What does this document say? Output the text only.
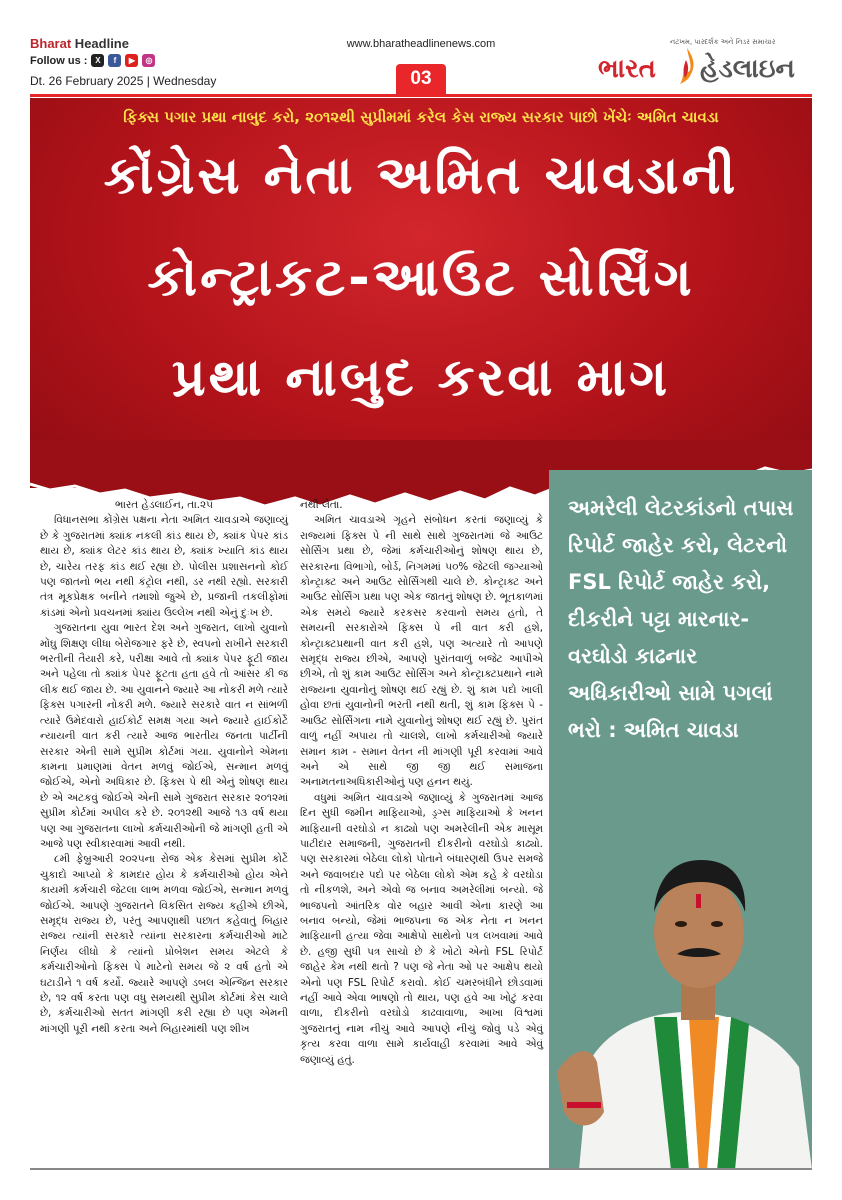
Bharat Headline
Follow us : X	f	▶	◎
Dt. 26 February 2025 | Wednesday
www.bharatheadlinenews.com
03
નટખમ, પારદર્શક અને નિડર સમાચાર
ભારત હેડલાઇન
ફિક્સ પગાર પ્રથા નાબુદ કરો, ૨૦૧૨થી સુપ્રીમમાં કરેલ કેસ રાજ્ય સરકાર પાછો ખેંચેઃ અમિત ચાવડા
કોંગ્રેસ નેતા અમિત ચાવડાની
કોન્ટ્રાકટ-આઉટ સોર્સિંગ
પ્રથા નાબુદ કરવા માગ
ભારત હેડલાઈન, તા.૨૫

વિધાનસભા કોંગ્રેસ પક્ષના નેતા અમિત ચાવડાએ જણાવ્યું છે કે ગુજરાતમાં ક્યાંક નકલી કાંડ થાય છે, ક્યાંક પેપર કાંડ થાય છે, ક્યાંક લેટર કાંડ થાય છે, ક્યાંક ખ્યાતિ કાંડ થાય છે, ચારેય તરફ કાંડ થઈ રહ્યા છે. પોલીસ પ્રશાસનનો કોઈ પણ જાતનો ભય નથી કંટ્રોલ નથી, ડર નથી રહ્યો. સરકારી તંત્ર મૂકપ્રેક્ષક બનીને તમાશો જુએ છે, પ્રજાની તકલીફોમાં કાંડમાં એનો પ્રવચનમાં ક્યાંય ઉલ્લેખ નથી એનું દુઃખ છે.

ગુજરાતના યુવા ભારત દેશ અને ગુજરાત, લાખો યુવાનો મોંઘુ શિક્ષણ લીધા બેરોજગાર ફરે છે, સ્વપનો રાખીને સરકારી ભરતીની તૈયારી કરે, પરીક્ષા આવે તો ક્યાંક પેપર ફૂટી જાય અને પહેલા તો ક્યાંક પેપર ફૂટતા હતા હવે તો આંસર કી જ લીક થઈ જાય છે. આ યુવાનને જ્યારે આ નોકરી મળે ત્યારે ફિક્સ પગારની નોકરી મળે. જ્યારે સરકારે વાત ન સાંભળી ત્યારે ઉમેદવારો હાઈકોર્ટ સમક્ષ ગયા અને જ્યારે હાઈકોર્ટે ન્યાયની વાત કરી ત્યારે આજ ભારતીય જનતા પાર્ટીની સરકાર એની સામે સુપ્રીમ કોર્ટમાં ગયા. યુવાનોને એમના કામના પ્રમાણમાં વેતન મળવું જોઈએ, સન્માન મળવું જોઈએ, એનો અધિકાર છે. ફિક્સ પે થી એનું શોષણ થાય છે એ અટકવું જોઈએ એની સામે ગુજરાત સરકાર ૨૦૧૨માં સુપ્રીમ કોર્ટમાં અપીલ કરે છે. ૨૦૧૨થી આજે ૧૩ વર્ષ થયા પણ આ ગુજરાતના લાખો કર્મચારીઓની જે માંગણી હતી એ આજે પણ સ્વીકારવામાં આવી નથી.

૮મી ફેબ્રુઆરી ૨૦૨૫ના રોજ એક કેસમાં સુપ્રીમ કોર્ટે ચુકાદો આપ્યો કે કામદાર હોય કે કર્મચારીઓ હોય એને કાયમી કર્મચારી જેટલા લાભ મળવા જોઈએ, સન્માન મળવું જોઈએ. આપણે ગુજરાતને વિકસિત રાજ્ય કહીએ છીએ, સમૃદ્ધ રાજ્ય છે, પરંતુ આપણાથી પછાત કહેવાતું બિહાર રાજ્ય ત્યાંની સરકારે ત્યાંના સરકારના કર્મચારીઓ માટે નિર્ણય લીધો કે ત્યાંનો પ્રોબેશન સમય એટલે કે કર્મચારીઓનો ફિક્સ પે માટેનો સમય જે ૨ વર્ષ હતો એ ઘટાડીને ૧ વર્ષ કર્યો. જ્યારે આપણે ડબલ એન્જિન સરકાર છે, ૧૨ વર્ષ કરતા પણ વધુ સમયથી સુપ્રીમ કોર્ટમાં કેસ ચાલે છે, કર્મચારીઓ સતત માંગણી કરી રહ્યા છે પણ એમની માંગણી પૂરી નથી કરતા અને બિહારમાંથી પણ શીખ

નથી લેતા.

અમિત ચાવડાએ ગૃહને સંબોધન કરતાં જણાવ્યું કે રાજ્યમાં ફિક્સ પે ની સાથે સાથે ગુજરાતમાં જે આઉટ સોર્સિંગ પ્રથા છે, જેમાં કર્મચારીઓનું શોષણ થાય છે, સરકારના વિભાગો, બોર્ડ, નિગમમાં ૫૦% જેટલી જગ્યાઓ કોન્ટ્રાક્ટ અને આઉટ સોર્સિંગથી ચાલે છે. કોન્ટ્રાક્ટ અને આઉટ સોર્સિંગ પ્રથા પણ એક જાતનું શોષણ છે. ભૂતકાળમાં એક સમયે જ્યારે કરકસર કરવાનો સમય હતો, તે સમયની સરકારોએ ફિક્સ પે ની વાત કરી હશે, કોન્ટ્રાક્ટપ્રથાની વાત કરી હશે, પણ અત્યારે તો આપણે સમૃદ્ધ રાજ્ય છીએ, આપણે પુરાંતવાળું બજેટ આપીએ છીએ, તો શું કામ આઉટ સોર્સિંગ અને કોન્ટ્રાક્ટપ્રથાને નામે રાજ્યના યુવાનોનું શોષણ થઈ રહ્યું છે. શું કામ પદો ખાલી હોવા છતાં યુવાનોની ભરતી નથી થતી, શું કામ ફિક્સ પે - આઉટ સોર્સિંગના નામે યુવાનોનું શોષણ થઈ રહ્યું છે. પુરાંત વાળું નહીં અપાય તો ચાલશે, લાખો કર્મચારીઓ જ્યારે સમાન કામ - સમાન વેતન ની માંગણી પૂરી કરવામાં આવે અને એ સાથે જી જી થઈ સમાજના અનામતનાઅધિકારીઓનું પણ હનન થયું.

વધુમાં અમિત ચાવડાએ જણાવ્યું કે ગુજરાતમાં આજ દિન સુધી જમીન માફિયાઓ, ડ્રગ્સ માફિયાઓ કે ખનન માફિયાની વરઘોડો ન કાઢ્યો પણ અમરેલીની એક માસૂમ પાટીદાર સમાજની, ગુજરાતની દીકરીનો વરઘોડો કાઢ્યો. પણ સરકારમાં બેઠેલા લોકો પોતાને બંધારણથી ઉપર સમજે અને જવાબદાર પદો પર બેઠેલા લોકો એમ કહે કે વરઘોડા તો નીકળશે, અને એવો જ બનાવ અમરેલીમાં બન્યો. જે ભાજપનો આંતરિક વોર બહાર આવી એના કારણે આ બનાવ બન્યો, જેમાં ભાજપના જ એક નેતા ન ખનન માફિયાની હત્યા જેવા આક્ષેપો સાથેનો પત્ર લખવામાં આવે છે. હજી સુધી પત્ર સાચો છે કે ખોટો એનો FSL રિપોર્ટ જાહેર કેમ નથી થતો ? પણ જે નેતા ઓ પર આક્ષેપ થયો એનો પણ FSL રિપોર્ટ કરાવો. કોઈ ચમરબંધીને છોડવામાં નહીં આવે એવા ભાષણો તો થાય, પણ હવે આ ખોટું કરવા વાળા, દીકરીનો વરઘોડો કાઢવાવાળા, આખા વિશ્વમાં ગુજરાતનું નામ નીચું આવે આપણે નીચું જોવું પડે એવું કૃત્ય કરવા વાળા સામે કાર્યવાહી કરવામાં આવે એવું જણાવ્યું હતું.

અમરેલી લેટરકાંડનો તપાસ રિપોર્ટ જાહેર કરો, લેટરનો FSL રિપોર્ટ જાહેર કરો, દીકરીને પટ્ટા મારનાર-વરઘોડો કાઢનાર અધિકારીઓ સામે પગલાં ભરો : અમિત ચાવડા
